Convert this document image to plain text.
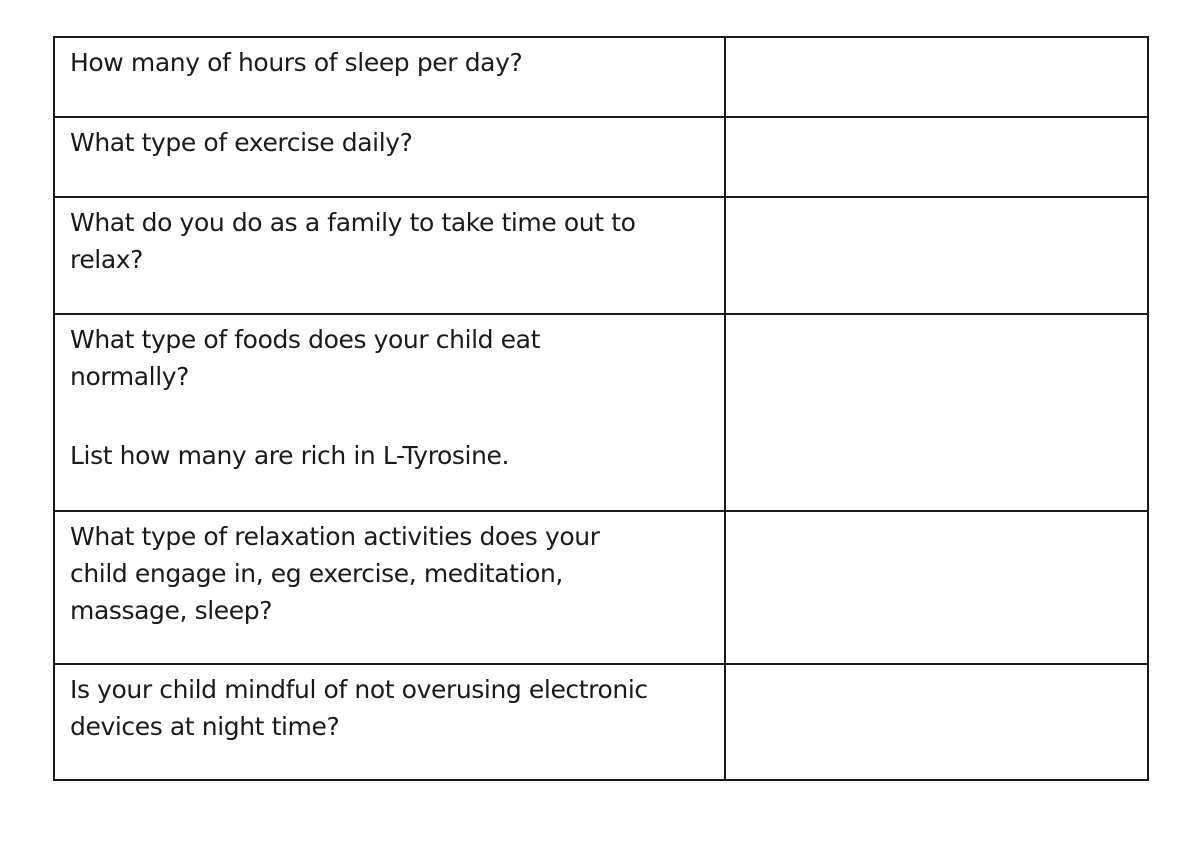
How many of hours of sleep per day?	

What type of exercise daily?	

What do you do as a family to take time out to
relax?	

What type of foods does your child eat
normally?
List how many are rich in L-Tyrosine.	

What type of relaxation activities does your
child engage in, eg exercise, meditation,
massage, sleep?	

Is your child mindful of not overusing electronic
devices at night time?	
